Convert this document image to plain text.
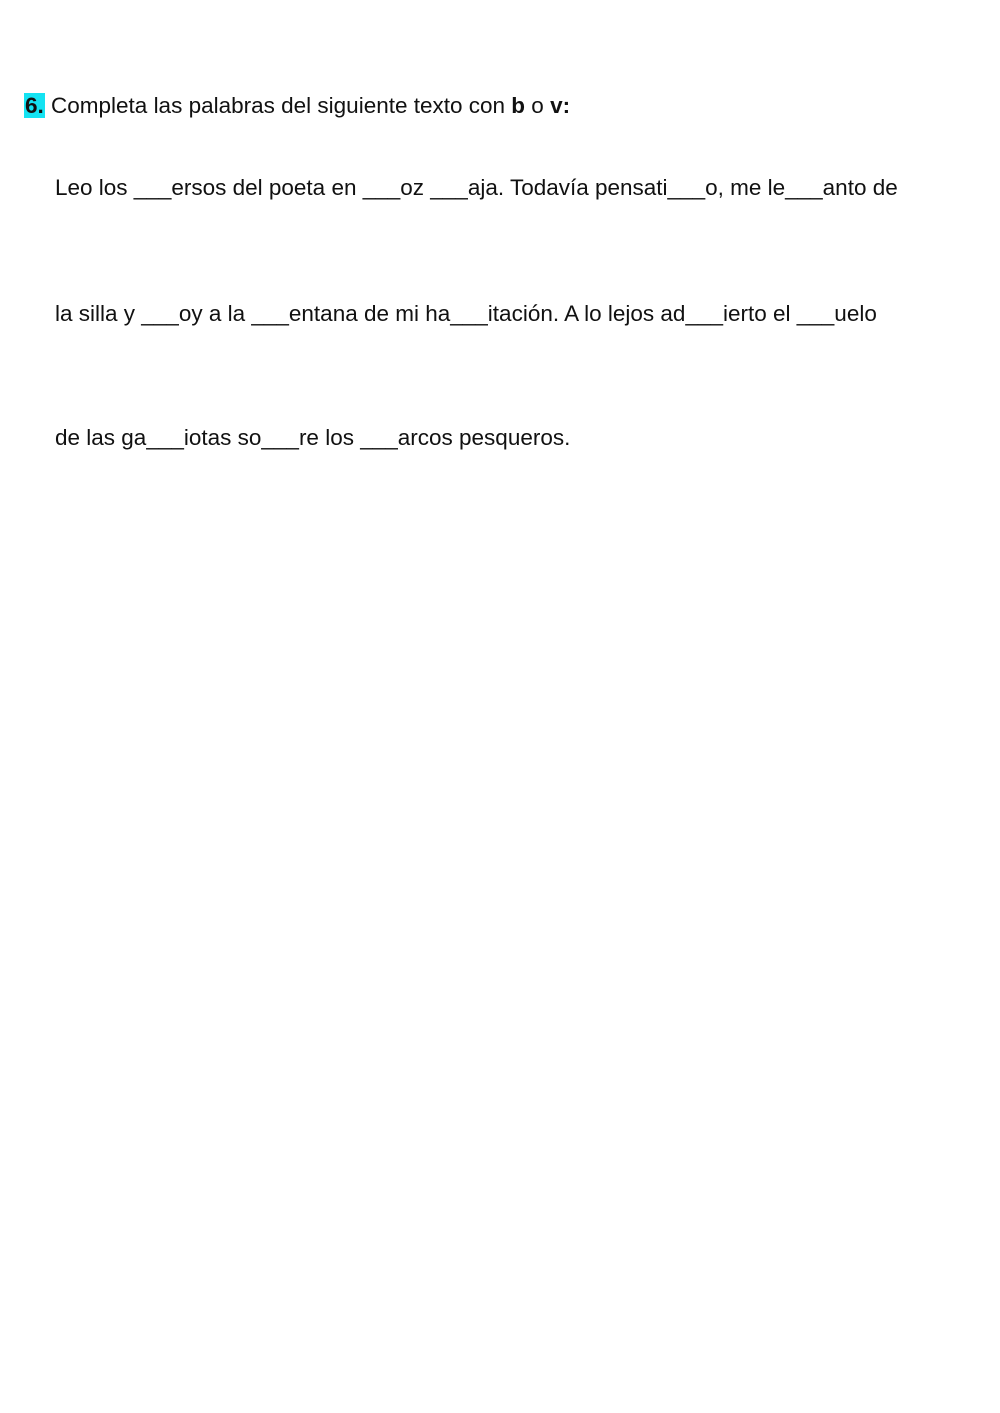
6. Completa las palabras del siguiente texto con b o v:
Leo los ___ersos del poeta en ___oz ___aja. Todavía pensati___o, me le___anto de
la silla y ___oy a la ___entana de mi ha___itación. A lo lejos ad___ierto el ___uelo
de las ga___iotas so___re los ___arcos pesqueros.
